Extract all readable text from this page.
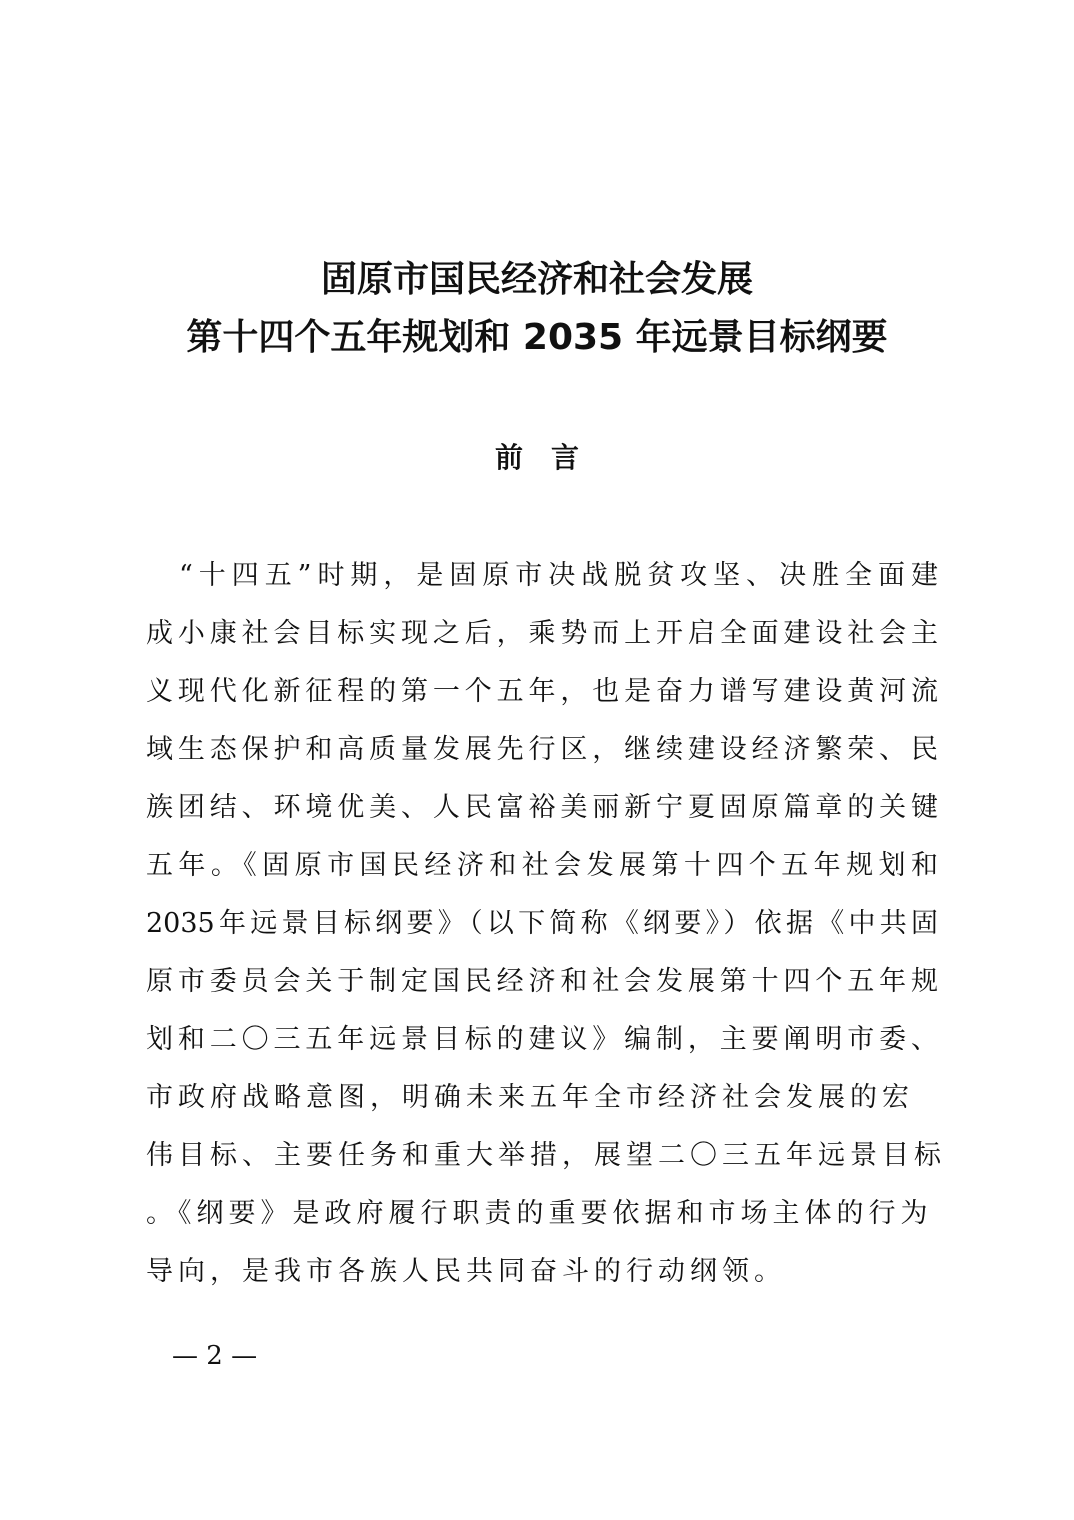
固原市国民经济和社会发展
第十四个五年规划和 2035 年远景目标纲要
前言

　“十四五”时期，是固原市决战脱贫攻坚、决胜全面建

成小康社会目标实现之后，乘势而上开启全面建设社会主

义现代化新征程的第一个五年，也是奋力谱写建设黄河流

域生态保护和高质量发展先行区，继续建设经济繁荣、民

族团结、环境优美、人民富裕美丽新宁夏固原篇章的关键

五年。《固原市国民经济和社会发展第十四个五年规划和

2035年远景目标纲要》（以下简称《纲要》）依据《中共固

原市委员会关于制定国民经济和社会发展第十四个五年规

划和二〇三五年远景目标的建议》编制，主要阐明市委、

市政府战略意图，明确未来五年全市经济社会发展的宏

伟目标、主要任务和重大举措，展望二〇三五年远景目标

。《纲要》是政府履行职责的重要依据和市场主体的行为

导向，是我市各族人民共同奋斗的行动纲领。

— 2 —
